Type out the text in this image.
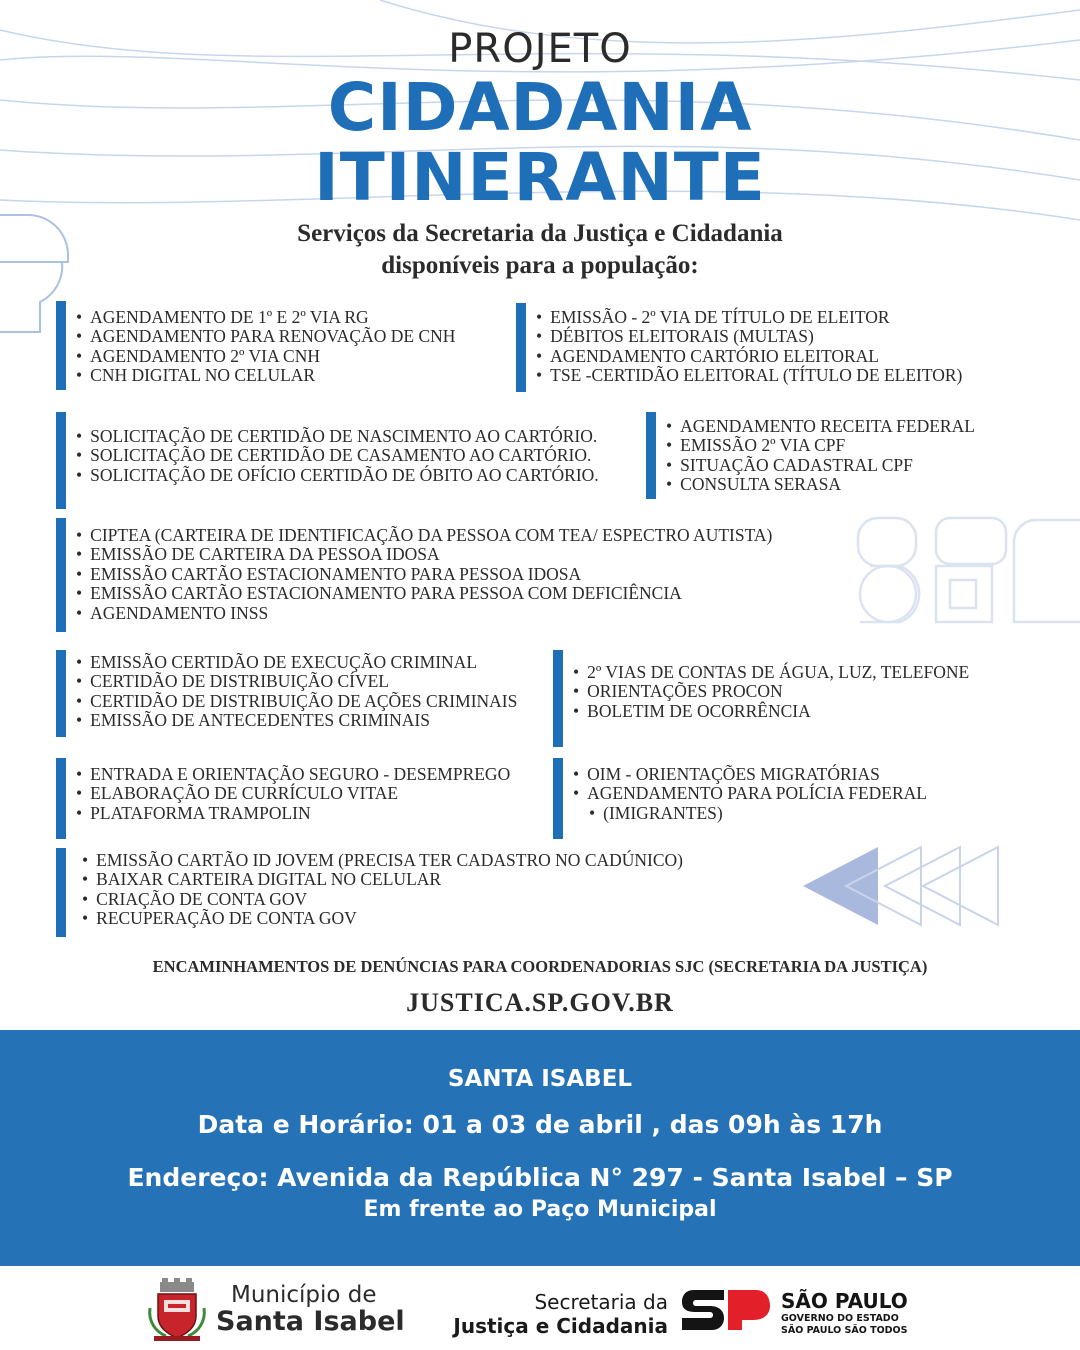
PROJETO
CIDADANIA
ITINERANTE
Serviços da Secretaria da Justiça e Cidadania
disponíveis para a população:
• AGENDAMENTO DE 1º E 2º VIA RG
• AGENDAMENTO PARA RENOVAÇÃO DE CNH
• AGENDAMENTO 2º VIA CNH
• CNH DIGITAL NO CELULAR
• EMISSÃO - 2º VIA DE TÍTULO DE ELEITOR
• DÉBITOS ELEITORAIS (MULTAS)
• AGENDAMENTO CARTÓRIO ELEITORAL
• TSE -CERTIDÃO ELEITORAL (TÍTULO DE ELEITOR)
• SOLICITAÇÃO DE CERTIDÃO DE NASCIMENTO AO CARTÓRIO.
• SOLICITAÇÃO DE CERTIDÃO DE CASAMENTO AO CARTÓRIO.
• SOLICITAÇÃO DE OFÍCIO CERTIDÃO DE ÓBITO AO CARTÓRIO.
• AGENDAMENTO RECEITA FEDERAL
• EMISSÃO 2º VIA CPF
• SITUAÇÃO CADASTRAL CPF
• CONSULTA SERASA
• CIPTEA (CARTEIRA DE IDENTIFICAÇÃO DA PESSOA COM TEA/ ESPECTRO AUTISTA)
• EMISSÃO DE CARTEIRA DA PESSOA IDOSA
• EMISSÃO CARTÃO ESTACIONAMENTO PARA PESSOA IDOSA
• EMISSÃO CARTÃO ESTACIONAMENTO PARA PESSOA COM DEFICIÊNCIA
• AGENDAMENTO INSS
• EMISSÃO CERTIDÃO DE EXECUÇÃO CRIMINAL
• CERTIDÃO DE DISTRIBUIÇÃO CÍVEL
• CERTIDÃO DE DISTRIBUIÇÃO DE AÇÕES CRIMINAIS
• EMISSÃO DE ANTECEDENTES CRIMINAIS
• 2º VIAS DE CONTAS DE ÁGUA, LUZ, TELEFONE
• ORIENTAÇÕES PROCON
• BOLETIM DE OCORRÊNCIA
• ENTRADA E ORIENTAÇÃO SEGURO - DESEMPREGO
• ELABORAÇÃO DE CURRÍCULO VITAE
• PLATAFORMA TRAMPOLIN
• OIM - ORIENTAÇÕES MIGRATÓRIAS
• AGENDAMENTO PARA POLÍCIA FEDERAL
• (IMIGRANTES)
• EMISSÃO CARTÃO ID JOVEM (PRECISA TER CADASTRO NO CADÚNICO)
• BAIXAR CARTEIRA DIGITAL NO CELULAR
• CRIAÇÃO DE CONTA GOV
• RECUPERAÇÃO DE CONTA GOV
ENCAMINHAMENTOS DE DENÚNCIAS PARA COORDENADORIAS SJC (SECRETARIA DA JUSTIÇA)
JUSTICA.SP.GOV.BR
SANTA ISABEL
Data e Horário: 01 a 03 de abril , das 09h às 17h
Endereço: Avenida da República N° 297 - Santa Isabel – SP
Em frente ao Paço Municipal
Município de
Santa Isabel
Secretaria da
Justiça e Cidadania
SÃO PAULO
GOVERNO DO ESTADO
SÃO PAULO SÃO TODOS
